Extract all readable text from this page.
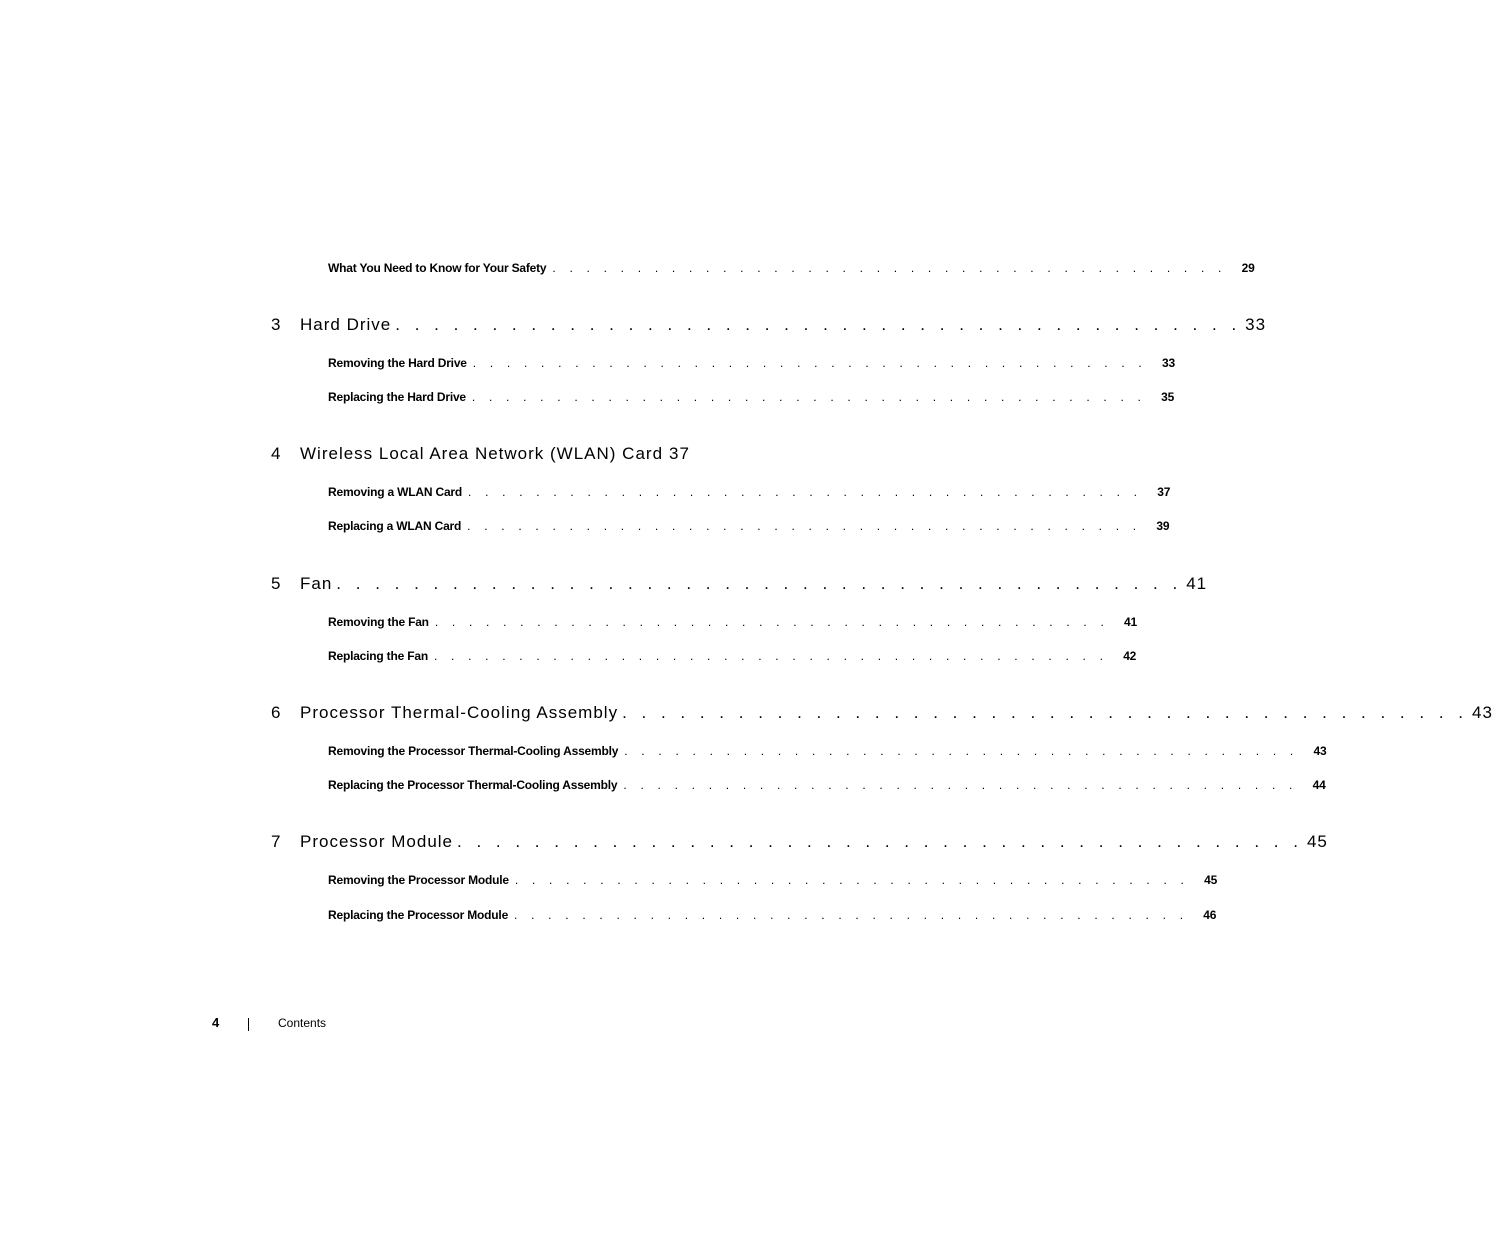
What You Need to Know for Your Safety . . . . . . . . . . . . . . . . . . . . . . . . . . . . . . . . . . . . . . . .	29
3 Hard Drive . . . . . . . . . . . . . . . . . . . . . . . . . . . . . . . . . . . . . . . . . . . . 33
Removing the Hard Drive . . . . . . . . . . . . . . . . . . . . . . . . . . . . . . . . . . . . . . . .	33
Replacing the Hard Drive . . . . . . . . . . . . . . . . . . . . . . . . . . . . . . . . . . . . . . . .	35
4 Wireless Local Area Network (WLAN) Card 37
Removing a WLAN Card . . . . . . . . . . . . . . . . . . . . . . . . . . . . . . . . . . . . . . . .	37
Replacing a WLAN Card . . . . . . . . . . . . . . . . . . . . . . . . . . . . . . . . . . . . . . . .	39
5 Fan . . . . . . . . . . . . . . . . . . . . . . . . . . . . . . . . . . . . . . . . . . . . 41
Removing the Fan . . . . . . . . . . . . . . . . . . . . . . . . . . . . . . . . . . . . . . . .	41
Replacing the Fan . . . . . . . . . . . . . . . . . . . . . . . . . . . . . . . . . . . . . . . .	42
6 Processor Thermal-Cooling Assembly . . . . . . . . . . . . . . . . . . . . . . . . . . . . . . . . . . . . . . . . . . . . 43
Removing the Processor Thermal-Cooling Assembly . . . . . . . . . . . . . . . . . . . . . . . . . . . . . . . . . . . . . . . .	43
Replacing the Processor Thermal-Cooling Assembly . . . . . . . . . . . . . . . . . . . . . . . . . . . . . . . . . . . . . . . .	44
7 Processor Module . . . . . . . . . . . . . . . . . . . . . . . . . . . . . . . . . . . . . . . . . . . . 45
Removing the Processor Module . . . . . . . . . . . . . . . . . . . . . . . . . . . . . . . . . . . . . . . .	45
Replacing the Processor Module . . . . . . . . . . . . . . . . . . . . . . . . . . . . . . . . . . . . . . . .	46
4	Contents
